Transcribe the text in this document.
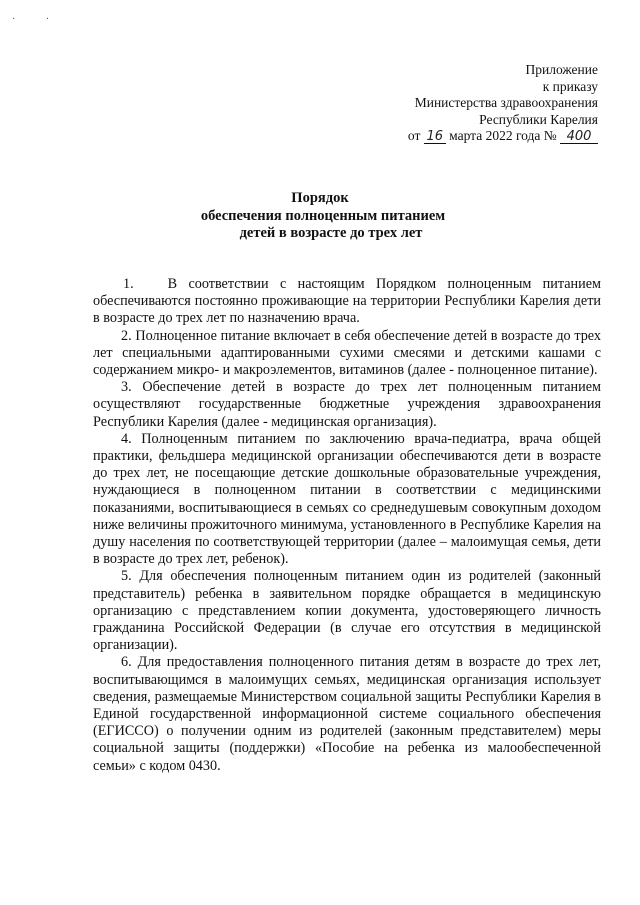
· ·
Приложение
к приказу
Министерства здравоохранения
Республики Карелия
от 16 марта 2022 года № 400
Порядок
обеспечения полноценным питанием
детей в возрасте до трех лет

1. В соответствии с настоящим Порядком полноценным питанием обеспечиваются постоянно проживающие на территории Республики Карелия дети в возрасте до трех лет по назначению врача.

2. Полноценное питание включает в себя обеспечение детей в возрасте до трех лет специальными адаптированными сухими смесями и детскими кашами с содержанием микро- и макроэлементов, витаминов (далее - полноценное питание).

3. Обеспечение детей в возрасте до трех лет полноценным питанием осуществляют государственные бюджетные учреждения здравоохранения Республики Карелия (далее - медицинская организация).

4. Полноценным питанием по заключению врача-педиатра, врача общей практики, фельдшера медицинской организации обеспечиваются дети в возрасте до трех лет, не посещающие детские дошкольные образовательные учреждения, нуждающиеся в полноценном питании в соответствии с медицинскими показаниями, воспитывающиеся в семьях со среднедушевым совокупным доходом ниже величины прожиточного минимума, установленного в Республике Карелия на душу населения по соответствующей территории (далее – малоимущая семья, дети в возрасте до трех лет, ребенок).

5. Для обеспечения полноценным питанием один из родителей (законный представитель) ребенка в заявительном порядке обращается в медицинскую организацию с представлением копии документа, удостоверяющего личность гражданина Российской Федерации (в случае его отсутствия в медицинской организации).

6. Для предоставления полноценного питания детям в возрасте до трех лет, воспитывающимся в малоимущих семьях, медицинская организация использует сведения, размещаемые Министерством социальной защиты Республики Карелия в Единой государственной информационной системе социального обеспечения (ЕГИССО) о получении одним из родителей (законным представителем) меры социальной защиты (поддержки) «Пособие на ребенка из малообеспеченной семьи» с кодом 0430.
